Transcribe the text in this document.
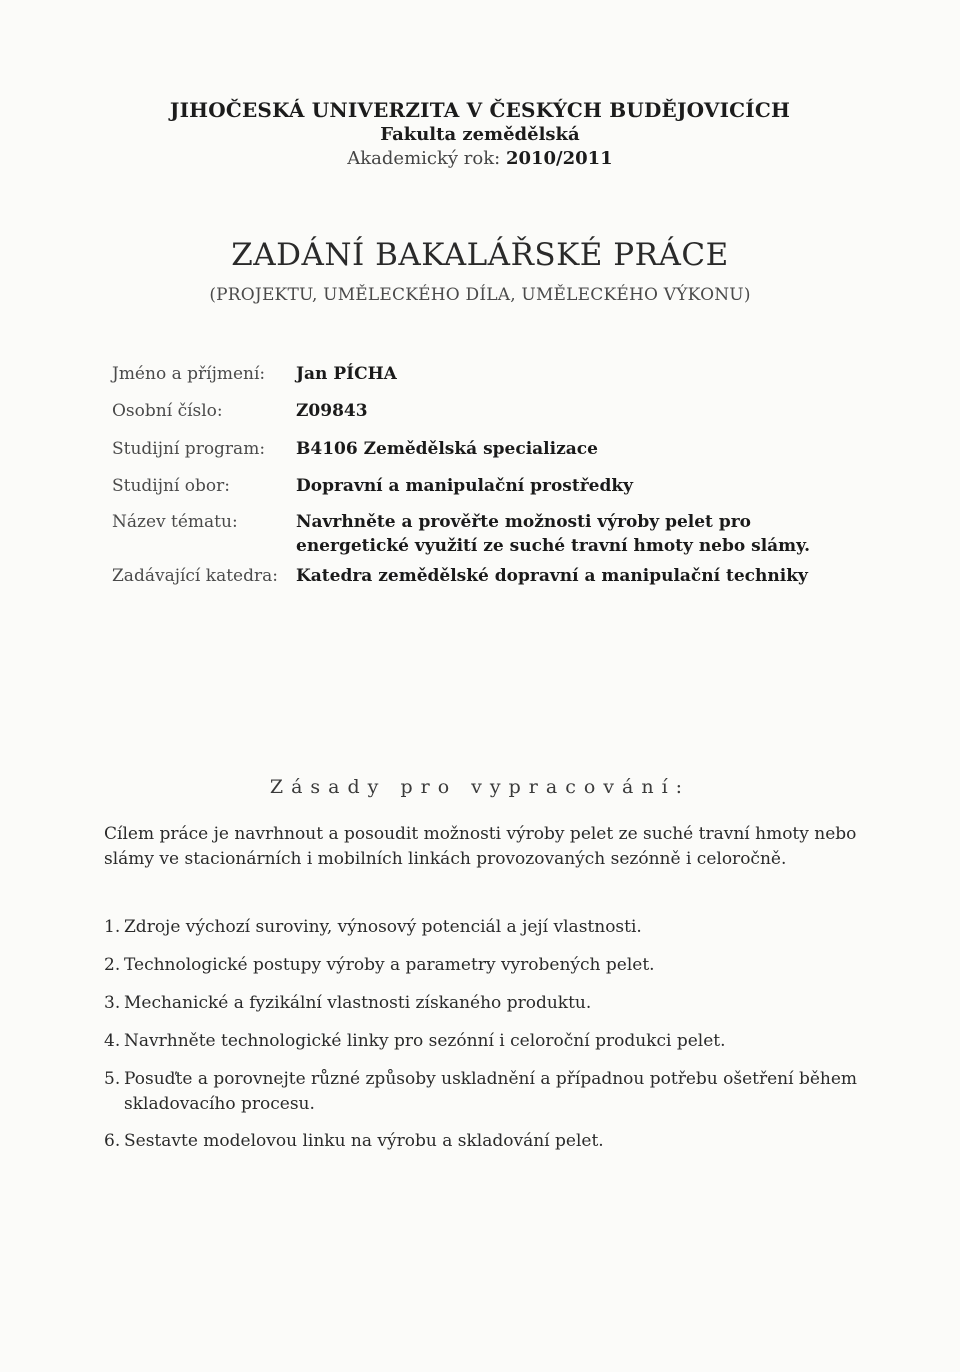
JIHOČESKÁ UNIVERZITA V ČESKÝCH BUDĚJOVICÍCH
Fakulta zemědělská
Akademický rok: 2010/2011
ZADÁNÍ BAKALÁŘSKÉ PRÁCE
(PROJEKTU, UMĚLECKÉHO DÍLA, UMĚLECKÉHO VÝKONU)
Jméno a příjmení:	Jan PÍCHA
Osobní číslo:	Z09843
Studijní program:	B4106 Zemědělská specializace
Studijní obor:	Dopravní a manipulační prostředky
Název tématu:	Navrhněte a prověřte možnosti výroby pelet pro
energetické využití ze suché travní hmoty nebo slámy.
Zadávající katedra: Katedra zemědělské dopravní a manipulační techniky
Zásady pro vypracování:
Cílem práce je navrhnout a posoudit možnosti výroby pelet ze suché travní hmoty nebo
slámy ve stacionárních i mobilních linkách provozovaných sezónně i celoročně.
1. Zdroje výchozí suroviny, výnosový potenciál a její vlastnosti.
2. Technologické postupy výroby a parametry vyrobených pelet.
3. Mechanické a fyzikální vlastnosti získaného produktu.
4. Navrhněte technologické linky pro sezónní i celoroční produkci pelet.
5. Posuďte a porovnejte různé způsoby uskladnění a případnou potřebu ošetření během
skladovacího procesu.
6. Sestavte modelovou linku na výrobu a skladování pelet.
